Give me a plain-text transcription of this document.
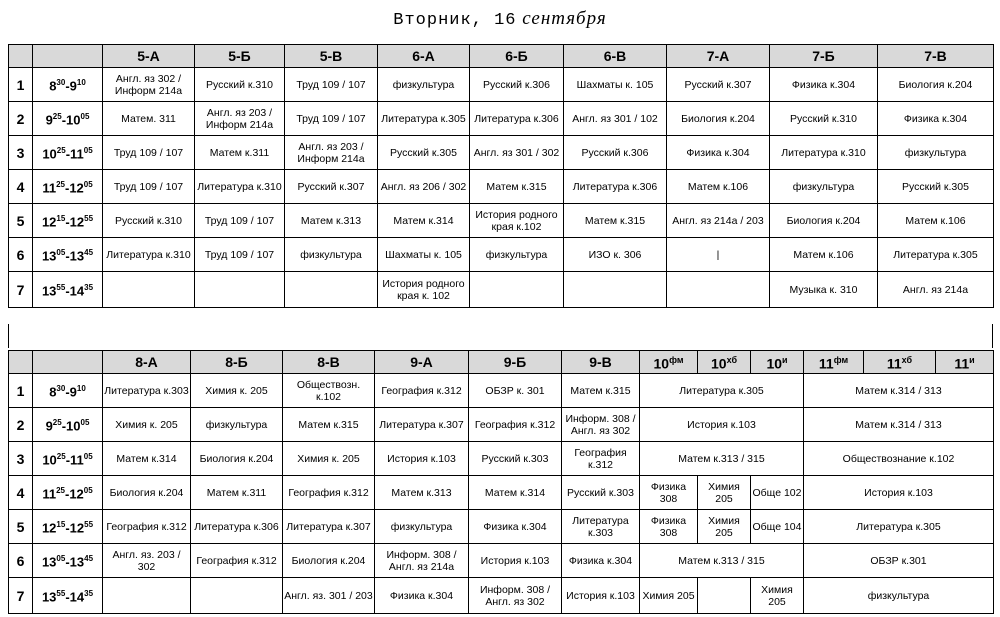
Вторник, 16 сентября
		5-А	5-Б	5-В	6-А	6-Б	6-В	7-А	7-Б	7-В
1	$8^{30}-9^{10}$	Англ. яз 302 / Информ 214а	Русский к.310	Труд 109 / 107	физкультура	Русский к.306	Шахматы к. 105	Русский к.307	Физика к.304	Биология к.204
2	$9^{25}-10^{05}$	Матем. 311	Англ. яз 203 / Информ 214а	Труд 109 / 107	Литература к.305	Литература к.306	Англ. яз 301 / 102	Биология к.204	Русский к.310	Физика к.304
3	$10^{25}-11^{05}$	Труд 109 / 107	Матем к.311	Англ. яз 203 / Информ 214а	Русский к.305	Англ. яз 301 / 302	Русский к.306	Физика к.304	Литература к.310	физкультура
4	$11^{25}-12^{05}$	Труд 109 / 107	Литература к.310	Русский к.307	Англ. яз 206 / 302	Матем к.315	Литература к.306	Матем к.106	физкультура	Русский к.305
5	$12^{15}-12^{55}$	Русский к.310	Труд 109 / 107	Матем к.313	Матем к.314	История родного края к.102	Матем к.315	Англ. яз 214а / 203	Биология к.204	Матем к.106
6	$13^{05}-13^{45}$	Литература к.310	Труд 109 / 107	физкультура	Шахматы к. 105	физкультура	ИЗО к. 306	|	Матем к.106	Литература к.305
7	$13^{55}-14^{35}$				История родного края к. 102				Музыка к. 310	Англ. яз 214а
		8-А	8-Б	8-В	9-А	9-Б	9-В	$10^{фм}$	$10^{хб}$	$10^и$	$11^{фм}$	$11^{хб}$	$11^и$
1	$8^{30}-9^{10}$	Литература к.303	Химия к. 205	Обществозн. к.102	География к.312	ОБЗР к. 301	Матем к.315	Литература к.305			Матем к.314 / 313		
2	$9^{25}-10^{05}$	Химия к. 205	физкультура	Матем к.315	Литература к.307	География к.312	Информ. 308 / Англ. яз 302	История к.103			Матем к.314 / 313		
3	$10^{25}-11^{05}$	Матем к.314	Биология к.204	Химия к. 205	История к.103	Русский к.303	География к.312	Матем к.313 / 315			Обществознание к.102		
4	$11^{25}-12^{05}$	Биология к.204	Матем к.311	География к.312	Матем к.313	Матем к.314	Русский к.303	Физика 308	Химия 205	Обще 102	История к.103		
5	$12^{15}-12^{55}$	География к.312	Литература к.306	Литература к.307	физкультура	Физика к.304	Литература к.303	Физика 308	Химия 205	Обще 104	Литература к.305		
6	$13^{05}-13^{45}$	Англ. яз. 203 / 302	География к.312	Биология к.204	Информ. 308 / Англ. яз 214а	История к.103	Физика к.304	Матем к.313 / 315			ОБЗР к.301		
7	$13^{55}-14^{35}$			Англ. яз. 301 / 203	Физика к.304	Информ. 308 / Англ. яз 302	История к.103	Химия 205		Химия 205	физкультура		
